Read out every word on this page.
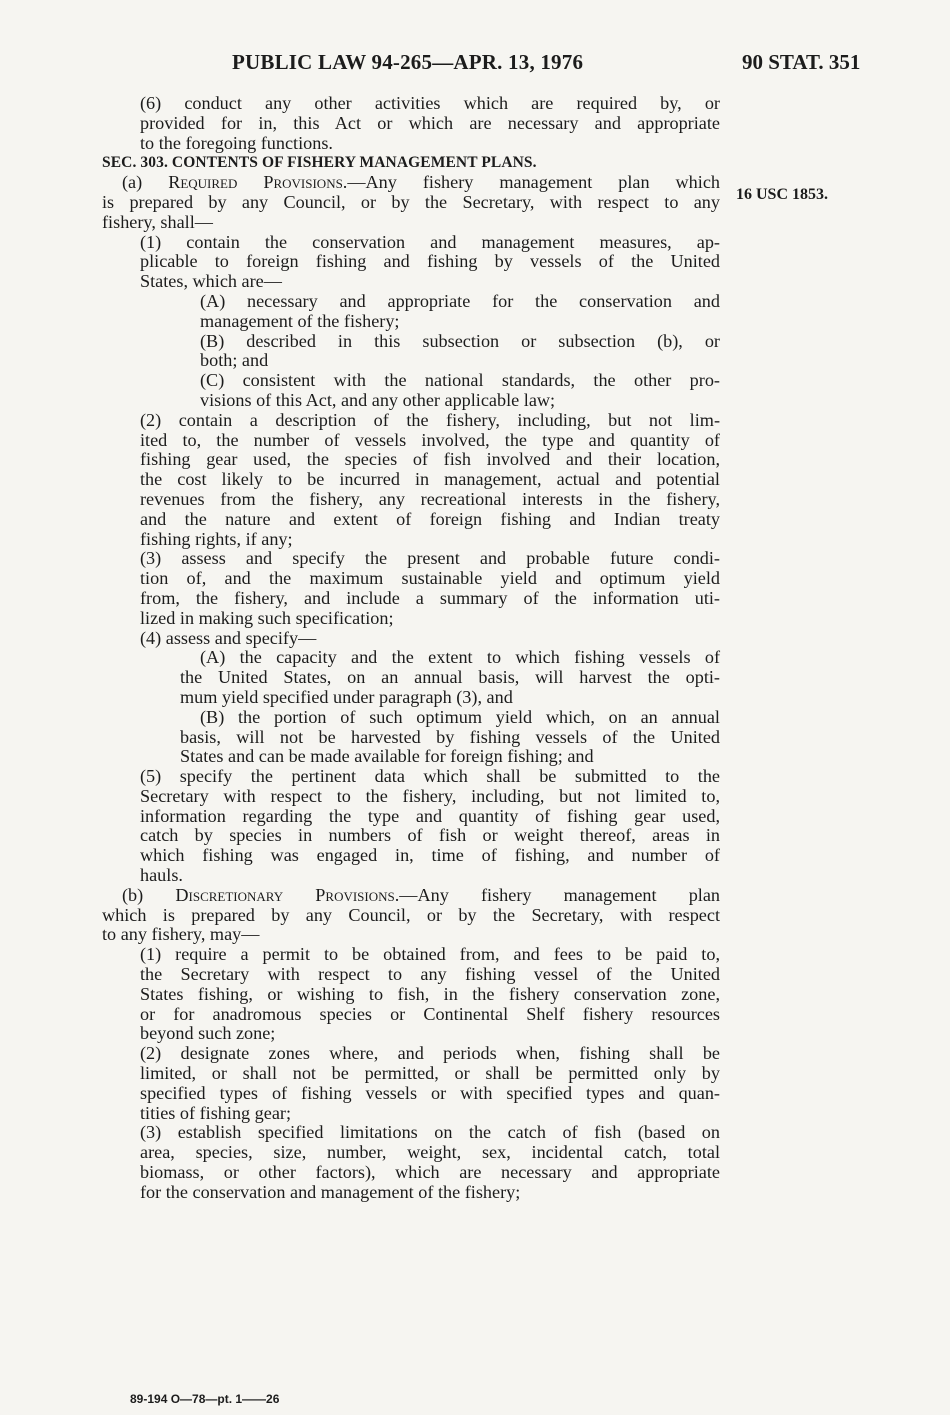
PUBLIC LAW 94-265—APR. 13, 1976	90 STAT. 351
16 USC 1853.
(6) conduct any other activities which are required by, or
provided for in, this Act or which are necessary and appropriate
to the foregoing functions.
SEC. 303. CONTENTS OF FISHERY MANAGEMENT PLANS.
(a) Required Provisions.—Any fishery management plan which
is prepared by any Council, or by the Secretary, with respect to any
fishery, shall—
(1) contain the conservation and management measures, ap-
plicable to foreign fishing and fishing by vessels of the United
States, which are—
(A) necessary and appropriate for the conservation and
management of the fishery;
(B) described in this subsection or subsection (b), or
both; and
(C) consistent with the national standards, the other pro-
visions of this Act, and any other applicable law;
(2) contain a description of the fishery, including, but not lim-
ited to, the number of vessels involved, the type and quantity of
fishing gear used, the species of fish involved and their location,
the cost likely to be incurred in management, actual and potential
revenues from the fishery, any recreational interests in the fishery,
and the nature and extent of foreign fishing and Indian treaty
fishing rights, if any;
(3) assess and specify the present and probable future condi-
tion of, and the maximum sustainable yield and optimum yield
from, the fishery, and include a summary of the information uti-
lized in making such specification;
(4) assess and specify—
(A) the capacity and the extent to which fishing vessels of
the United States, on an annual basis, will harvest the opti-
mum yield specified under paragraph (3), and
(B) the portion of such optimum yield which, on an annual
basis, will not be harvested by fishing vessels of the United
States and can be made available for foreign fishing; and
(5) specify the pertinent data which shall be submitted to the
Secretary with respect to the fishery, including, but not limited to,
information regarding the type and quantity of fishing gear used,
catch by species in numbers of fish or weight thereof, areas in
which fishing was engaged in, time of fishing, and number of
hauls.
(b) Discretionary Provisions.—Any fishery management plan
which is prepared by any Council, or by the Secretary, with respect
to any fishery, may—
(1) require a permit to be obtained from, and fees to be paid to,
the Secretary with respect to any fishing vessel of the United
States fishing, or wishing to fish, in the fishery conservation zone,
or for anadromous species or Continental Shelf fishery resources
beyond such zone;
(2) designate zones where, and periods when, fishing shall be
limited, or shall not be permitted, or shall be permitted only by
specified types of fishing vessels or with specified types and quan-
tities of fishing gear;
(3) establish specified limitations on the catch of fish (based on
area, species, size, number, weight, sex, incidental catch, total
biomass, or other factors), which are necessary and appropriate
for the conservation and management of the fishery;
89-194 O—78—pt. 1——26
